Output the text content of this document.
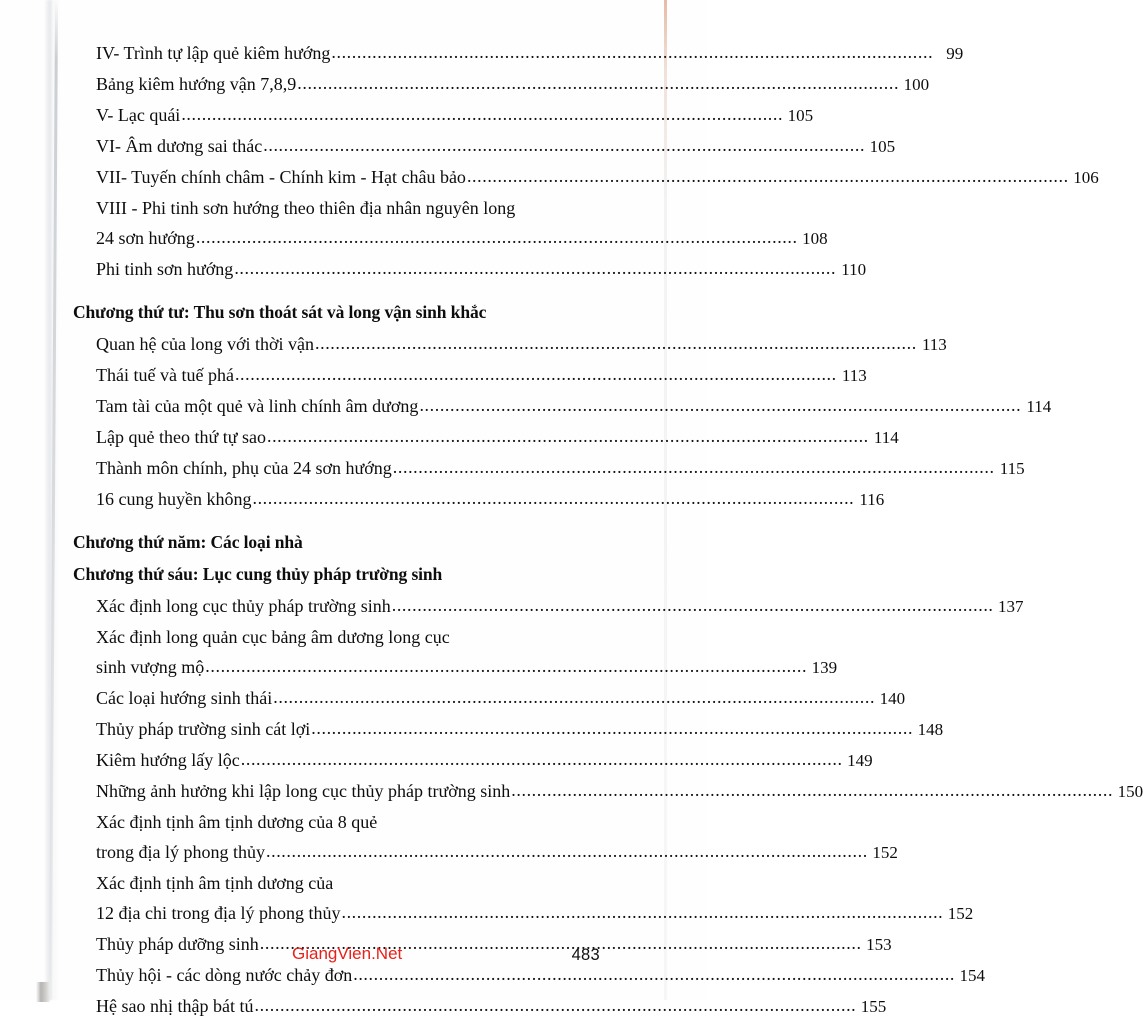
IV- Trình tự lập quẻ kiêm hướng .....	99
Bảng kiêm hướng vận 7,8,9 .....	100
V- Lạc quái .....	105
VI- Âm dương sai thác .....	105
VII- Tuyến chính châm - Chính kim - Hạt châu bảo .....	106
VIII - Phi tinh sơn hướng theo thiên địa nhân nguyên long
24 sơn hướng .....	108
Phi tinh sơn hướng .....	110
Chương thứ tư: Thu sơn thoát sát và long vận sinh khắc
Quan hệ của long với thời vận .....	113
Thái tuế và tuế phá .....	113
Tam tài của một quẻ và linh chính âm dương .....	114
Lập quẻ theo thứ tự sao .....	114
Thành môn chính, phụ của 24 sơn hướng .....	115
16 cung huyền không .....	116
Chương thứ năm: Các loại nhà
Chương thứ sáu: Lục cung thủy pháp trường sinh
Xác định long cục thủy pháp trường sinh .....	137
Xác định long quản cục bảng âm dương long cục
sinh vượng mộ .....	139
Các loại hướng sinh thái .....	140
Thủy pháp trường sinh cát lợi .....	148
Kiêm hướng lấy lộc .....	149
Những ảnh hưởng khi lập long cục thủy pháp trường sinh .....	150
Xác định tịnh âm tịnh dương của 8 quẻ
trong địa lý phong thủy .....	152
Xác định tịnh âm tịnh dương của
12 địa chi trong địa lý phong thủy .....	152
Thủy pháp dưỡng sinh .....	153
Thủy hội - các dòng nước chảy đơn .....	154
Hệ sao nhị thập bát tú .....	155
GiangVien.Net	483
